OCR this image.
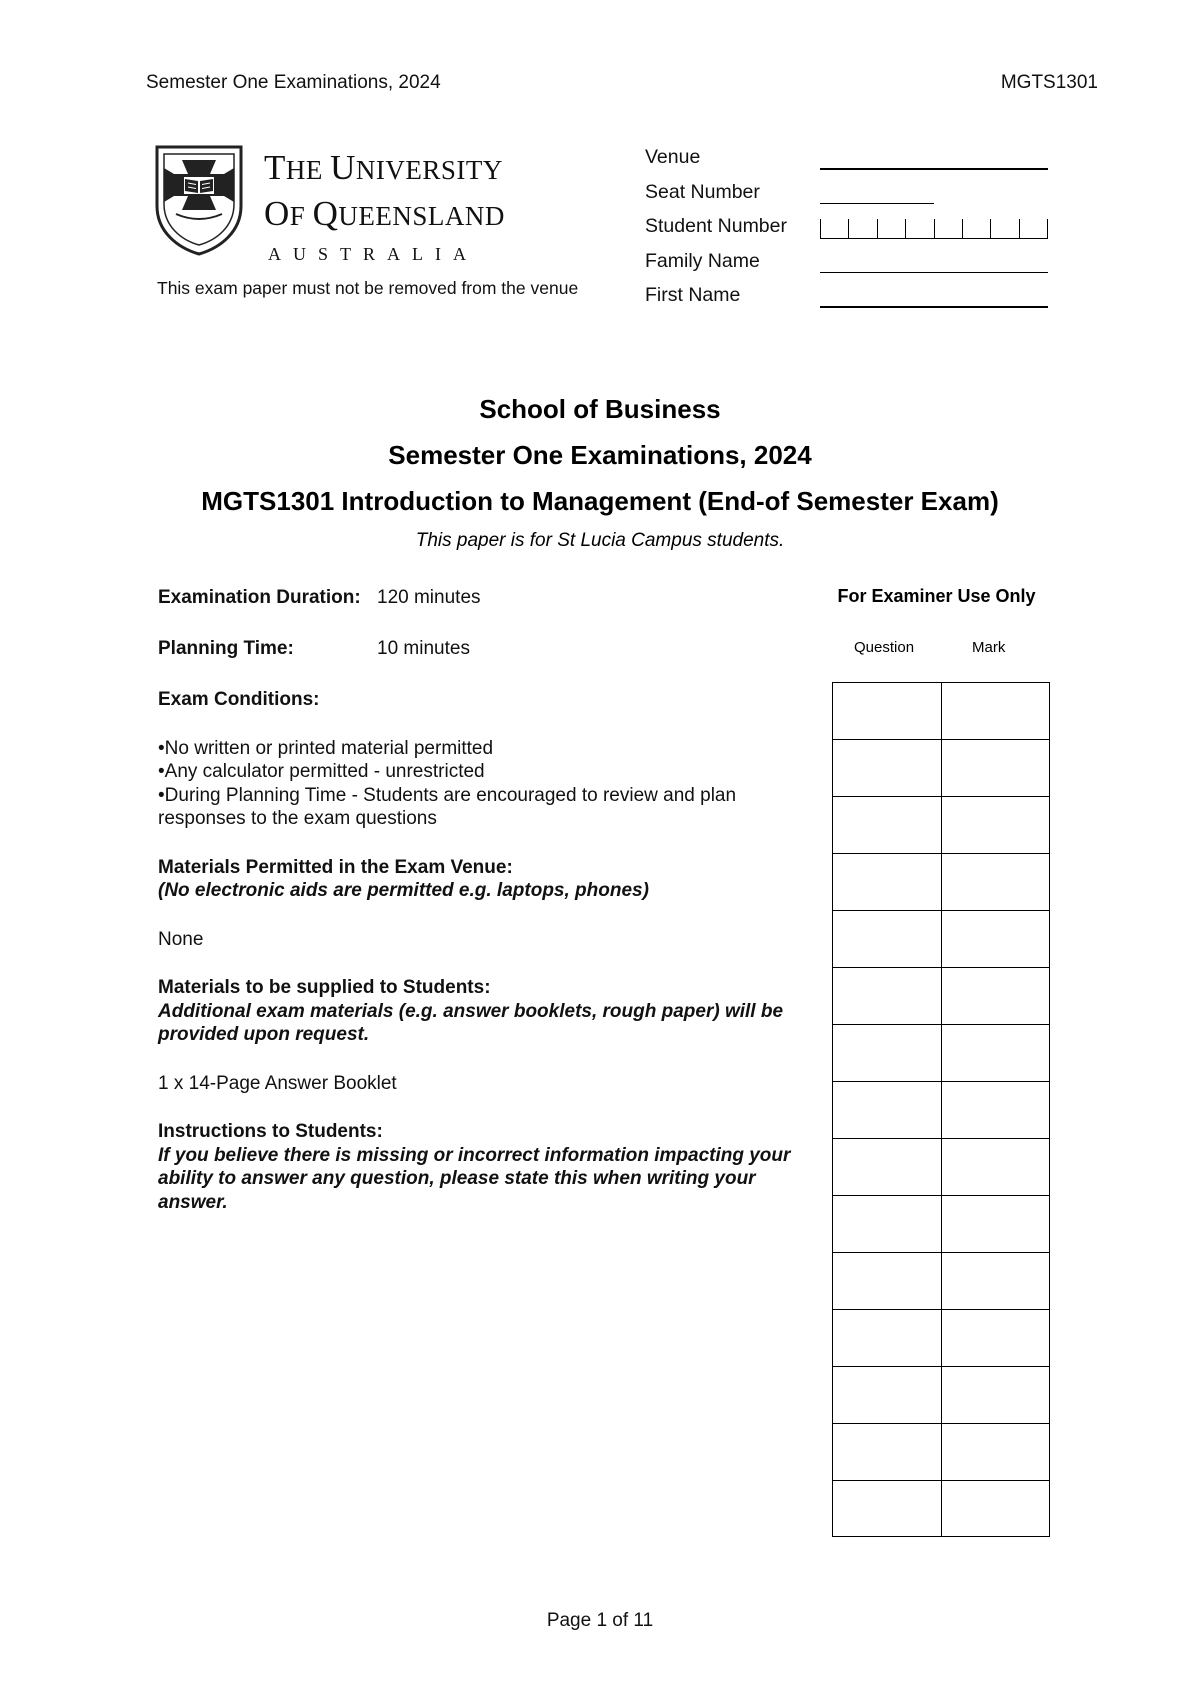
Semester One Examinations, 2024	MGTS1301
THE UNIVERSITY
OF QUEENSLAND
AUSTRALIA
This exam paper must not be removed from the venue
Venue
Seat Number
Student Number
Family Name
First Name
School of Business
Semester One Examinations, 2024
MGTS1301 Introduction to Management (End-of Semester Exam)
This paper is for St Lucia Campus students.
Examination Duration: 120 minutes
Planning Time:	10 minutes
Exam Conditions:
•No written or printed material permitted
•Any calculator permitted - unrestricted
•During Planning Time - Students are encouraged to review and plan responses to the exam questions
Materials Permitted in the Exam Venue:
(No electronic aids are permitted e.g. laptops, phones)
None
Materials to be supplied to Students:
Additional exam materials (e.g. answer booklets, rough paper) will be provided upon request.
1 x 14-Page Answer Booklet
Instructions to Students:
If you believe there is missing or incorrect information impacting your ability to answer any question, please state this when writing your answer.
For Examiner Use Only
Question	Mark
Page 1 of 11
